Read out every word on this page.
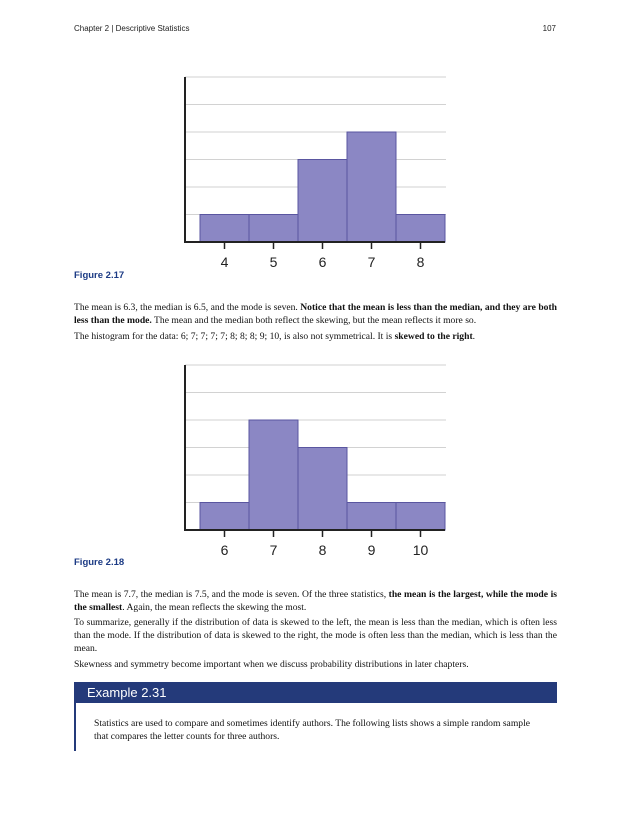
Chapter 2 | Descriptive Statistics	107
4	5	6	7	8
Figure 2.17

The mean is 6.3, the median is 6.5, and the mode is seven. Notice that the mean is less than the median, and they are both less than the mode. The mean and the median both reflect the skewing, but the mean reflects it more so.

The histogram for the data: 6; 7; 7; 7; 7; 8; 8; 8; 9; 10, is also not symmetrical. It is skewed to the right.

6	7	8	9	10
Figure 2.18

The mean is 7.7, the median is 7.5, and the mode is seven. Of the three statistics, the mean is the largest, while the mode is the smallest. Again, the mean reflects the skewing the most.

To summarize, generally if the distribution of data is skewed to the left, the mean is less than the median, which is often less than the mode. If the distribution of data is skewed to the right, the mode is often less than the median, which is less than the mean.

Skewness and symmetry become important when we discuss probability distributions in later chapters.

Example 2.31

Statistics are used to compare and sometimes identify authors. The following lists shows a simple random sample that compares the letter counts for three authors.
